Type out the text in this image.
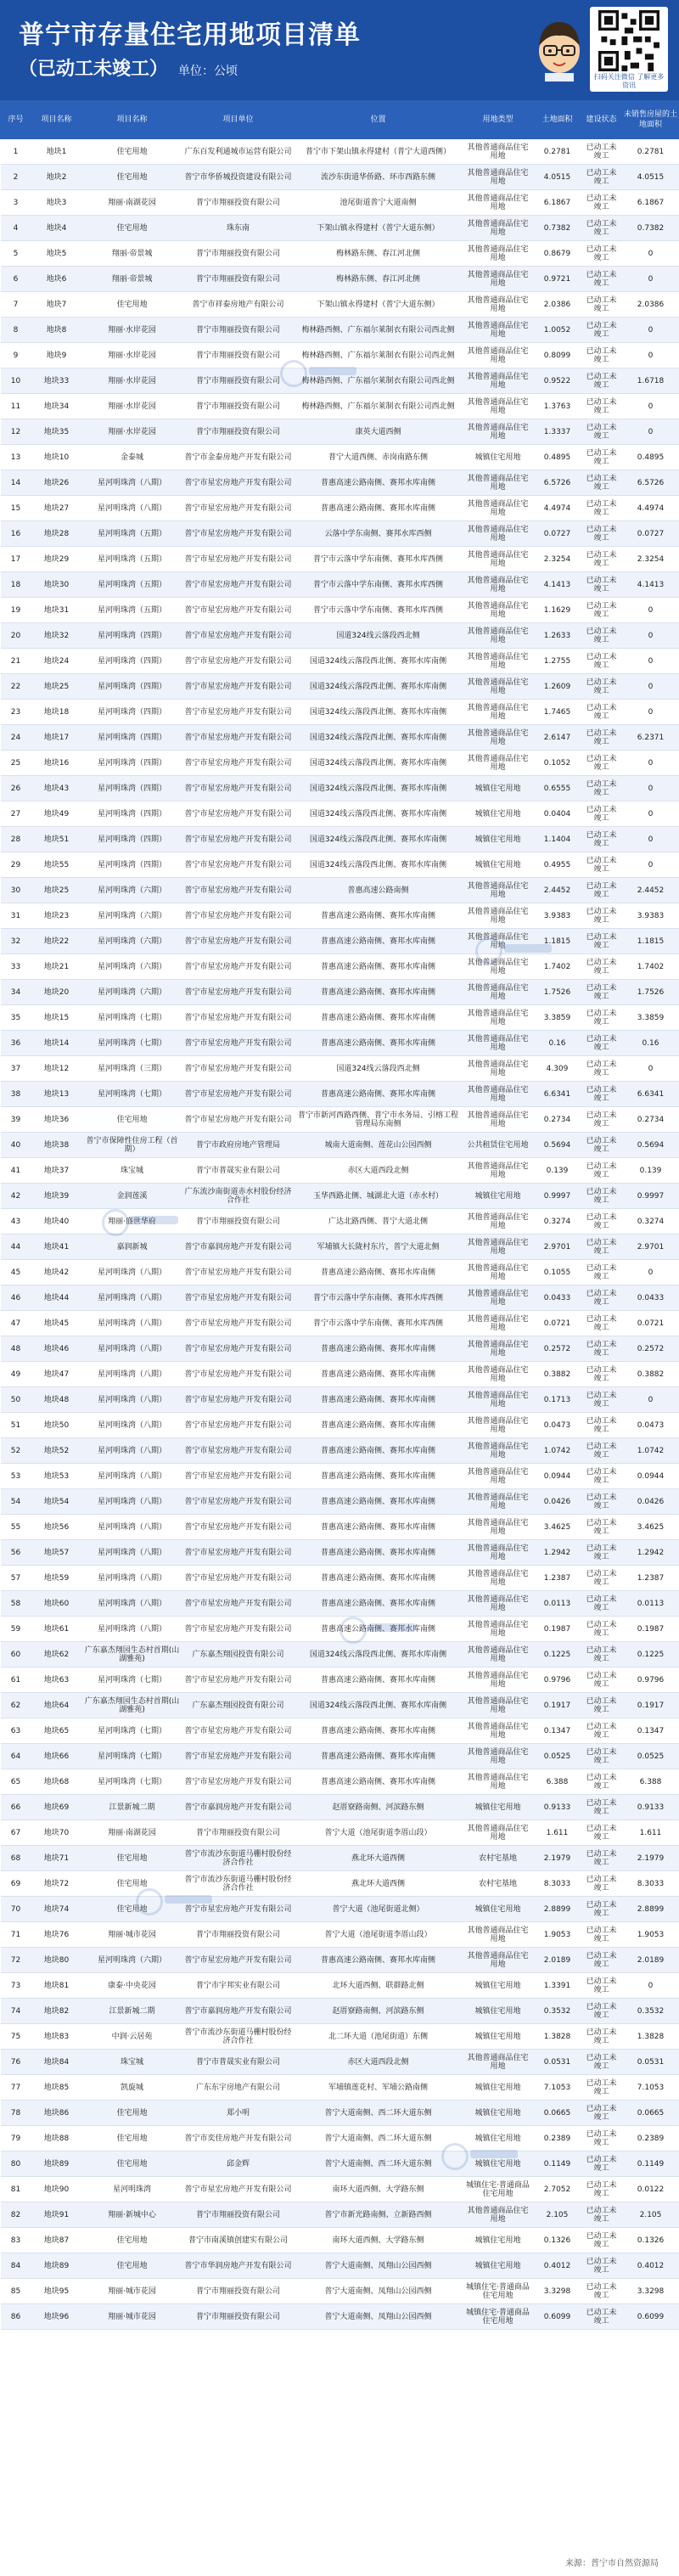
普宁市存量住宅用地项目清单
（已动工未竣工） 单位：公顷	扫码关注微信 了解更多资讯
序号	项目名称	项目名称	项目单位	位置	用地类型	土地面积	建设状态	未销售房屋的土地面积
1	地块1	佳宅用地	广东百发利通城市运营有限公司	普宁市下架山镇永得建村（普宁大道西侧）	其他普通商品住宅用地	0.2781	已动工未竣工	0.2781
2	地块2	佳宅用地	普宁市华侨城投资建设有限公司	流沙东街道华侨路、环市西路东侧	其他普通商品住宅用地	4.0515	已动工未竣工	4.0515
3	地块3	翔丽·南湖花园	普宁市翔丽投资有限公司	池尾街道普宁大道南侧	其他普通商品住宅用地	6.1867	已动工未竣工	6.1867
4	地块4	佳宅用地	珠东南	下架山镇永得建村（普宁大道东侧）	其他普通商品住宅用地	0.7382	已动工未竣工	0.7382
5	地块5	翔丽·帝景城	普宁市翔丽投资有限公司	梅林路东侧、春江河北侧	其他普通商品住宅用地	0.8679	已动工未竣工	0
6	地块6	翔丽·帝景城	普宁市翔丽投资有限公司	梅林路东侧、春江河北侧	其他普通商品住宅用地	0.9721	已动工未竣工	0
7	地块7	佳宅用地	普宁市祥泰房地产有限公司	下架山镇永得建村（普宁大道东侧）	其他普通商品住宅用地	2.0386	已动工未竣工	2.0386
8	地块8	翔丽·水岸花园	普宁市翔丽投资有限公司	梅林路西侧、广东福尔莱制衣有限公司西北侧	其他普通商品住宅用地	1.0052	已动工未竣工	0
9	地块9	翔丽·水岸花园	普宁市翔丽投资有限公司	梅林路西侧、广东福尔莱制衣有限公司西北侧	其他普通商品住宅用地	0.8099	已动工未竣工	0
10	地块33	翔丽·水岸花园	普宁市翔丽投资有限公司	梅林路西侧、广东福尔莱制衣有限公司西北侧	其他普通商品住宅用地	0.9522	已动工未竣工	1.6718
11	地块34	翔丽·水岸花园	普宁市翔丽投资有限公司	梅林路西侧、广东福尔莱制衣有限公司西北侧	其他普通商品住宅用地	1.3763	已动工未竣工	0
12	地块35	翔丽·水岸花园	普宁市翔丽投资有限公司	康英大道西侧	其他普通商品住宅用地	1.3337	已动工未竣工	0
13	地块10	金泰城	普宁市金泰房地产开发有限公司	普宁大道西侧、赤岗南路东侧	城镇住宅用地	0.4895	已动工未竣工	0.4895
14	地块26	星河明珠湾（八期）	普宁市星宏房地产开发有限公司	普惠高速公路南侧、赛邦水库南侧	其他普通商品住宅用地	6.5726	已动工未竣工	6.5726
15	地块27	星河明珠湾（八期）	普宁市星宏房地产开发有限公司	普惠高速公路南侧、赛邦水库南侧	其他普通商品住宅用地	4.4974	已动工未竣工	4.4974
16	地块28	星河明珠湾（五期）	普宁市星宏房地产开发有限公司	云落中学东南侧、赛邦水库西侧	其他普通商品住宅用地	0.0727	已动工未竣工	0.0727
17	地块29	星河明珠湾（五期）	普宁市星宏房地产开发有限公司	普宁市云落中学东南侧、赛邦水库西侧	其他普通商品住宅用地	2.3254	已动工未竣工	2.3254
18	地块30	星河明珠湾（五期）	普宁市星宏房地产开发有限公司	普宁市云落中学东南侧、赛邦水库西侧	其他普通商品住宅用地	4.1413	已动工未竣工	4.1413
19	地块31	星河明珠湾（五期）	普宁市星宏房地产开发有限公司	普宁市云落中学东南侧、赛邦水库西侧	其他普通商品住宅用地	1.1629	已动工未竣工	0
20	地块32	星河明珠湾（四期）	普宁市星宏房地产开发有限公司	国道324线云落段西北侧	其他普通商品住宅用地	1.2633	已动工未竣工	0
21	地块24	星河明珠湾（四期）	普宁市星宏房地产开发有限公司	国道324线云落段西北侧、赛邦水库南侧	其他普通商品住宅用地	1.2755	已动工未竣工	0
22	地块25	星河明珠湾（四期）	普宁市星宏房地产开发有限公司	国道324线云落段西北侧、赛邦水库南侧	其他普通商品住宅用地	1.2609	已动工未竣工	0
23	地块18	星河明珠湾（四期）	普宁市星宏房地产开发有限公司	国道324线云落段西北侧、赛邦水库南侧	其他普通商品住宅用地	1.7465	已动工未竣工	0
24	地块17	星河明珠湾（四期）	普宁市星宏房地产开发有限公司	国道324线云落段西北侧、赛邦水库南侧	其他普通商品住宅用地	2.6147	已动工未竣工	6.2371
25	地块16	星河明珠湾（四期）	普宁市星宏房地产开发有限公司	国道324线云落段西北侧、赛邦水库南侧	其他普通商品住宅用地	0.1052	已动工未竣工	0
26	地块43	星河明珠湾（四期）	普宁市星宏房地产开发有限公司	国道324线云落段西北侧、赛邦水库南侧	城镇住宅用地	0.6555	已动工未竣工	0
27	地块49	星河明珠湾（四期）	普宁市星宏房地产开发有限公司	国道324线云落段西北侧、赛邦水库南侧	城镇住宅用地	0.0404	已动工未竣工	0
28	地块51	星河明珠湾（四期）	普宁市星宏房地产开发有限公司	国道324线云落段西北侧、赛邦水库南侧	城镇住宅用地	1.1404	已动工未竣工	0
29	地块55	星河明珠湾（四期）	普宁市星宏房地产开发有限公司	国道324线云落段西北侧、赛邦水库南侧	城镇住宅用地	0.4955	已动工未竣工	0
30	地块25	星河明珠湾（六期）	普宁市星宏房地产开发有限公司	普惠高速公路南侧	其他普通商品住宅用地	2.4452	已动工未竣工	2.4452
31	地块23	星河明珠湾（六期）	普宁市星宏房地产开发有限公司	普惠高速公路南侧、赛邦水库南侧	其他普通商品住宅用地	3.9383	已动工未竣工	3.9383
32	地块22	星河明珠湾（六期）	普宁市星宏房地产开发有限公司	普惠高速公路南侧、赛邦水库南侧	其他普通商品住宅用地	1.1815	已动工未竣工	1.1815
33	地块21	星河明珠湾（六期）	普宁市星宏房地产开发有限公司	普惠高速公路南侧、赛邦水库南侧	其他普通商品住宅用地	1.7402	已动工未竣工	1.7402
34	地块20	星河明珠湾（六期）	普宁市星宏房地产开发有限公司	普惠高速公路南侧、赛邦水库南侧	其他普通商品住宅用地	1.7526	已动工未竣工	1.7526
35	地块15	星河明珠湾（七期）	普宁市星宏房地产开发有限公司	普惠高速公路南侧、赛邦水库南侧	其他普通商品住宅用地	3.3859	已动工未竣工	3.3859
36	地块14	星河明珠湾（七期）	普宁市星宏房地产开发有限公司	普惠高速公路南侧、赛邦水库南侧	其他普通商品住宅用地	0.16	已动工未竣工	0.16
37	地块12	星河明珠湾（三期）	普宁市星宏房地产开发有限公司	国道324线云落段西北侧	其他普通商品住宅用地	4.309	已动工未竣工	0
38	地块13	星河明珠湾（七期）	普宁市星宏房地产开发有限公司	普惠高速公路南侧、赛邦水库南侧	其他普通商品住宅用地	6.6341	已动工未竣工	6.6341
39	地块36	佳宅用地	普宁市星宏房地产开发有限公司	普宁市新河西路西侧、普宁市水务局、引榕工程管理局东南侧	其他普通商品住宅用地	0.2734	已动工未竣工	0.2734
40	地块38	普宁市保障性住房工程（首期）	普宁市政府房地产管理局	城南大道南侧、莲花山公园西侧	公共租赁住宅用地	0.5694	已动工未竣工	0.5694
41	地块37	珠宝城	普宁市普晟实业有限公司	赤区大道西段北侧	其他普通商品住宅用地	0.139	已动工未竣工	0.139
42	地块39	金润莲溪	广东流沙南街道赤水村股份经济合作社	玉华西路北侧、城湖北大道（赤水村）	城镇住宅用地	0.9997	已动工未竣工	0.9997
43	地块40	翔丽·盛世华府	普宁市翔丽投资有限公司	广达北路西侧、普宁大道北侧	其他普通商品住宅用地	0.3274	已动工未竣工	0.3274
44	地块41	嘉润新城	普宁市嘉润房地产开发有限公司	军埔镇大长陇村东片，普宁大道北侧	其他普通商品住宅用地	2.9701	已动工未竣工	2.9701
45	地块42	星河明珠湾（八期）	普宁市星宏房地产开发有限公司	普惠高速公路南侧、赛邦水库南侧	其他普通商品住宅用地	0.1055	已动工未竣工	0
46	地块44	星河明珠湾（八期）	普宁市星宏房地产开发有限公司	普宁市云落中学东南侧、赛邦水库西侧	其他普通商品住宅用地	0.0433	已动工未竣工	0.0433
47	地块45	星河明珠湾（八期）	普宁市星宏房地产开发有限公司	普宁市云落中学东南侧、赛邦水库西侧	其他普通商品住宅用地	0.0721	已动工未竣工	0.0721
48	地块46	星河明珠湾（八期）	普宁市星宏房地产开发有限公司	普惠高速公路南侧、赛邦水库南侧	其他普通商品住宅用地	0.2572	已动工未竣工	0.2572
49	地块47	星河明珠湾（八期）	普宁市星宏房地产开发有限公司	普惠高速公路南侧、赛邦水库南侧	其他普通商品住宅用地	0.3882	已动工未竣工	0.3882
50	地块48	星河明珠湾（八期）	普宁市星宏房地产开发有限公司	普惠高速公路南侧、赛邦水库南侧	其他普通商品住宅用地	0.1713	已动工未竣工	0
51	地块50	星河明珠湾（八期）	普宁市星宏房地产开发有限公司	普惠高速公路南侧、赛邦水库南侧	其他普通商品住宅用地	0.0473	已动工未竣工	0.0473
52	地块52	星河明珠湾（八期）	普宁市星宏房地产开发有限公司	普惠高速公路南侧、赛邦水库南侧	其他普通商品住宅用地	1.0742	已动工未竣工	1.0742
53	地块53	星河明珠湾（八期）	普宁市星宏房地产开发有限公司	普惠高速公路南侧、赛邦水库南侧	其他普通商品住宅用地	0.0944	已动工未竣工	0.0944
54	地块54	星河明珠湾（八期）	普宁市星宏房地产开发有限公司	普惠高速公路南侧、赛邦水库南侧	其他普通商品住宅用地	0.0426	已动工未竣工	0.0426
55	地块56	星河明珠湾（八期）	普宁市星宏房地产开发有限公司	普惠高速公路南侧、赛邦水库南侧	其他普通商品住宅用地	3.4625	已动工未竣工	3.4625
56	地块57	星河明珠湾（八期）	普宁市星宏房地产开发有限公司	普惠高速公路南侧、赛邦水库南侧	其他普通商品住宅用地	1.2942	已动工未竣工	1.2942
57	地块59	星河明珠湾（八期）	普宁市星宏房地产开发有限公司	普惠高速公路南侧、赛邦水库南侧	其他普通商品住宅用地	1.2387	已动工未竣工	1.2387
58	地块60	星河明珠湾（八期）	普宁市星宏房地产开发有限公司	普惠高速公路南侧、赛邦水库南侧	其他普通商品住宅用地	0.0113	已动工未竣工	0.0113
59	地块61	星河明珠湾（八期）	普宁市星宏房地产开发有限公司	普惠高速公路南侧、赛邦水库南侧	其他普通商品住宅用地	0.1987	已动工未竣工	0.1987
60	地块62	广东嘉杰翔园生态村首期(山湖雅苑)	广东嘉杰翔园投资有限公司	国道324线云落段西北侧、赛邦水库南侧	其他普通商品住宅用地	0.1225	已动工未竣工	0.1225
61	地块63	星河明珠湾（七期）	普宁市星宏房地产开发有限公司	普惠高速公路南侧、赛邦水库南侧	其他普通商品住宅用地	0.9796	已动工未竣工	0.9796
62	地块64	广东嘉杰翔园生态村首期(山湖雅苑)	广东嘉杰翔园投资有限公司	国道324线云落段西北侧、赛邦水库南侧	其他普通商品住宅用地	0.1917	已动工未竣工	0.1917
63	地块65	星河明珠湾（七期）	普宁市星宏房地产开发有限公司	普惠高速公路南侧、赛邦水库南侧	其他普通商品住宅用地	0.1347	已动工未竣工	0.1347
64	地块66	星河明珠湾（七期）	普宁市星宏房地产开发有限公司	普惠高速公路南侧、赛邦水库南侧	其他普通商品住宅用地	0.0525	已动工未竣工	0.0525
65	地块68	星河明珠湾（七期）	普宁市星宏房地产开发有限公司	普惠高速公路南侧、赛邦水库南侧	其他普通商品住宅用地	6.388	已动工未竣工	6.388
66	地块69	江景新城二期	普宁市嘉润房地产开发有限公司	赵厝寮路南侧、河滨路东侧	城镇住宅用地	0.9133	已动工未竣工	0.9133
67	地块70	翔丽·南湖花园	普宁市翔丽投资有限公司	普宁大道（池尾街道李厝山段）	其他普通商品住宅用地	1.611	已动工未竣工	1.611
68	地块71	佳宅用地	普宁市流沙东街道马栅村股份经济合作社	燕北环大道西侧	农村宅基地	2.1979	已动工未竣工	2.1979
69	地块72	佳宅用地	普宁市流沙东街道马栅村股份经济合作社	燕北环大道西侧	农村宅基地	8.3033	已动工未竣工	8.3033
70	地块74	佳宅用地	普宁市星宏房地产开发有限公司	普宁大道（池尾街道北侧）	城镇住宅用地	2.8899	已动工未竣工	2.8899
71	地块76	翔丽·城市花园	普宁市翔丽投资有限公司	普宁大道（池尾街道李厝山段）	其他普通商品住宅用地	1.9053	已动工未竣工	1.9053
72	地块80	星河明珠湾（六期）	普宁市星宏房地产开发有限公司	普惠高速公路南侧、赛邦水库南侧	其他普通商品住宅用地	2.0189	已动工未竣工	2.0189
73	地块81	康泰·中央花园	普宁市宇邦实业有限公司	北环大道西侧、联群路北侧	城镇住宅用地	1.3391	已动工未竣工	0
74	地块82	江景新城二期	普宁市嘉润房地产开发有限公司	赵厝寮路南侧、河滨路东侧	城镇住宅用地	0.3532	已动工未竣工	0.3532
75	地块83	中润·云居苑	普宁市流沙东街道马栅村股份经济合作社	北二环大道（池尾街道）东侧	城镇住宅用地	1.3828	已动工未竣工	1.3828
76	地块84	珠宝城	普宁市普晟实业有限公司	赤区大道西段北侧	其他普通商品住宅用地	0.0531	已动工未竣工	0.0531
77	地块85	凯旋城	广东东宇房地产有限公司	军埔镇莲花村、军埔公路南侧	城镇住宅用地	7.1053	已动工未竣工	7.1053
78	地块86	佳宅用地	郑小明	普宁大道南侧、西二环大道东侧	城镇住宅用地	0.0665	已动工未竣工	0.0665
79	地块88	佳宅用地	普宁市奕佳房地产开发有限公司	普宁大道南侧、西二环大道东侧	城镇住宅用地	0.2389	已动工未竣工	0.2389
80	地块89	佳宅用地	邱金辉	普宁大道南侧、西二环大道东侧	城镇住宅用地	0.1149	已动工未竣工	0.1149
81	地块90	星河明珠湾	普宁市星宏房地产开发有限公司	南环大道西侧、大学路东侧	城镇住宅·普通商品住宅用地	2.7052	已动工未竣工	0.0122
82	地块91	翔丽·新城中心	普宁市翔丽投资有限公司	普宁市新光路南侧、立新路西侧	其他普通商品住宅用地	2.105	已动工未竣工	2.105
83	地块87	佳宅用地	普宁市南溪镇创建实有限公司	南环大道西侧、大学路东侧	城镇住宅用地	0.1326	已动工未竣工	0.1326
84	地块89	佳宅用地	普宁市华润房地产开发有限公司	普宁大道南侧、凤翔山公园西侧	城镇住宅用地	0.4012	已动工未竣工	0.4012
85	地块95	翔丽·城市花园	普宁市翔丽投资有限公司	普宁大道南侧、凤翔山公园西侧	城镇住宅·普通商品住宅用地	3.3298	已动工未竣工	3.3298
86	地块96	翔丽·城市花园	普宁市翔丽投资有限公司	普宁大道南侧、凤翔山公园西侧	城镇住宅·普通商品住宅用地	0.6099	已动工未竣工	0.6099
来源：普宁市自然资源局
